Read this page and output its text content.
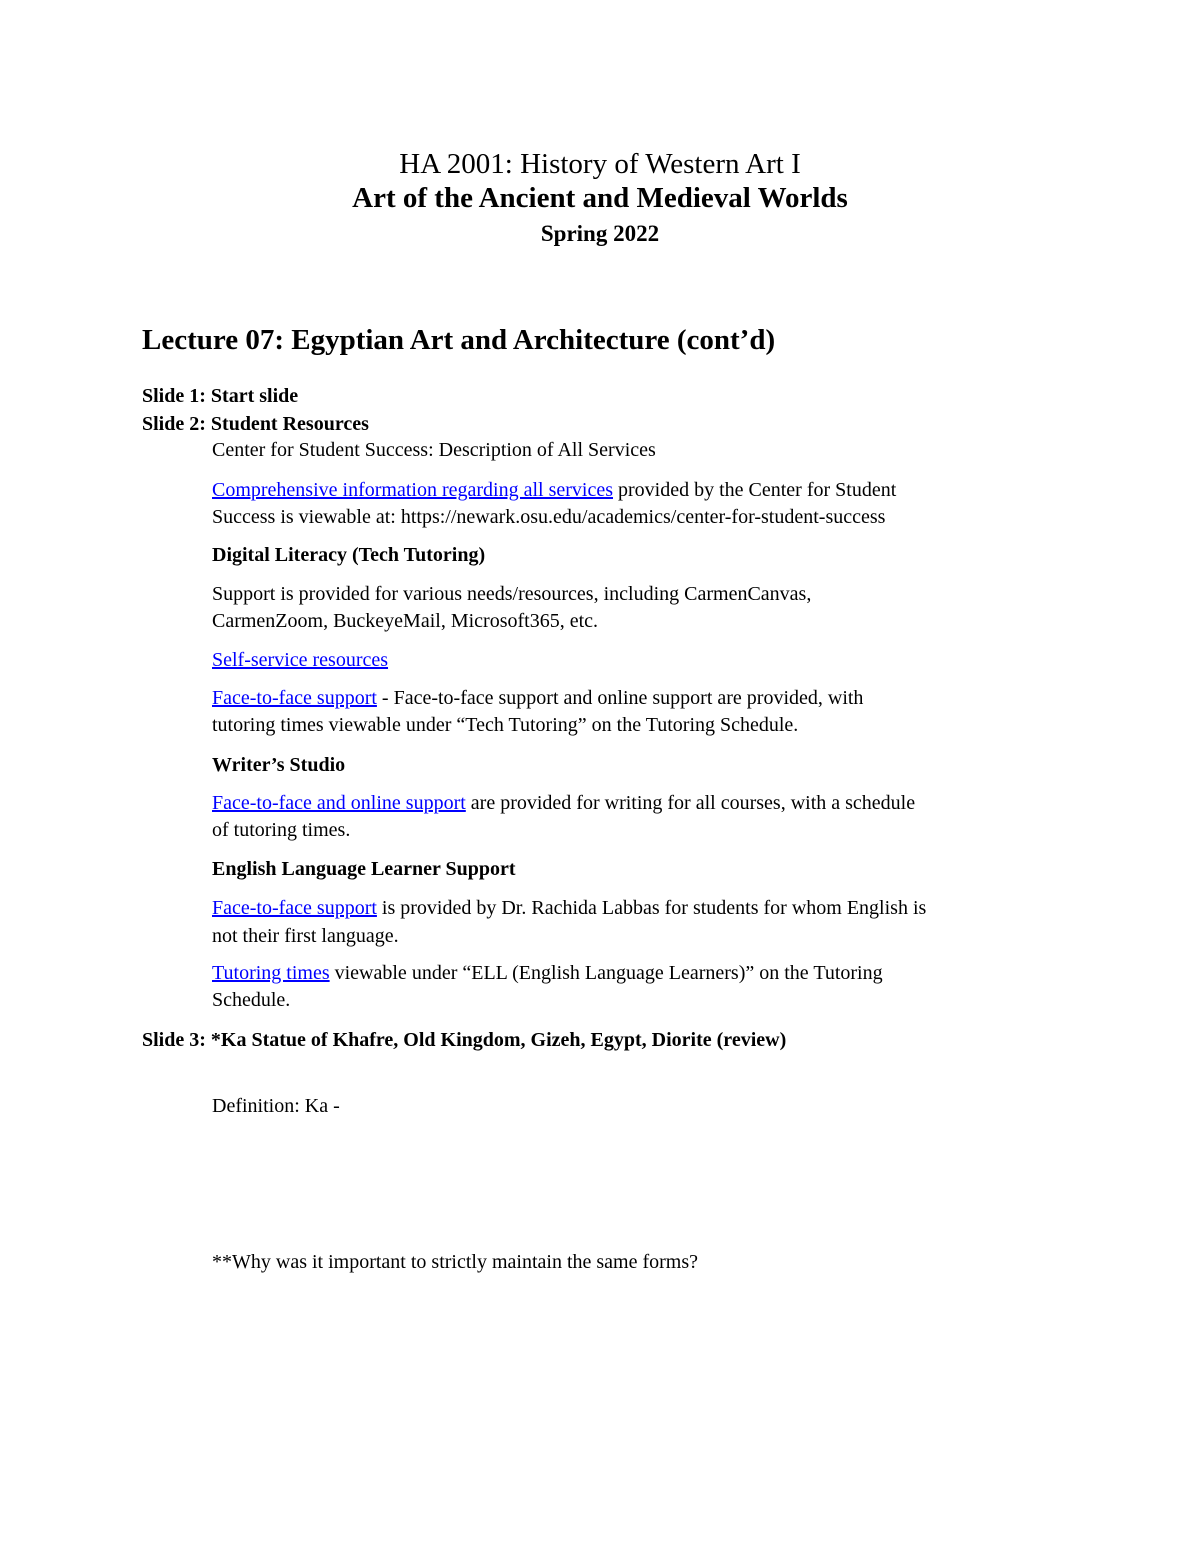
HA 2001: History of Western Art I
Art of the Ancient and Medieval Worlds
Spring 2022
Lecture 07: Egyptian Art and Architecture (cont’d)
Slide 1: Start slide
Slide 2: Student Resources
Center for Student Success: Description of All Services
Comprehensive information regarding all services provided by the Center for Student
Success is viewable at: https://newark.osu.edu/academics/center-for-student-success
Digital Literacy (Tech Tutoring)
Support is provided for various needs/resources, including CarmenCanvas,
CarmenZoom, BuckeyeMail, Microsoft365, etc.
Self-service resources
Face-to-face support - Face-to-face support and online support are provided, with
tutoring times viewable under “Tech Tutoring” on the Tutoring Schedule.
Writer’s Studio
Face-to-face and online support are provided for writing for all courses, with a schedule
of tutoring times.
English Language Learner Support
Face-to-face support is provided by Dr. Rachida Labbas for students for whom English is
not their first language.
Tutoring times viewable under “ELL (English Language Learners)” on the Tutoring
Schedule.
Slide 3: *Ka Statue of Khafre, Old Kingdom, Gizeh, Egypt, Diorite (review)
Definition: Ka -
**Why was it important to strictly maintain the same forms?
